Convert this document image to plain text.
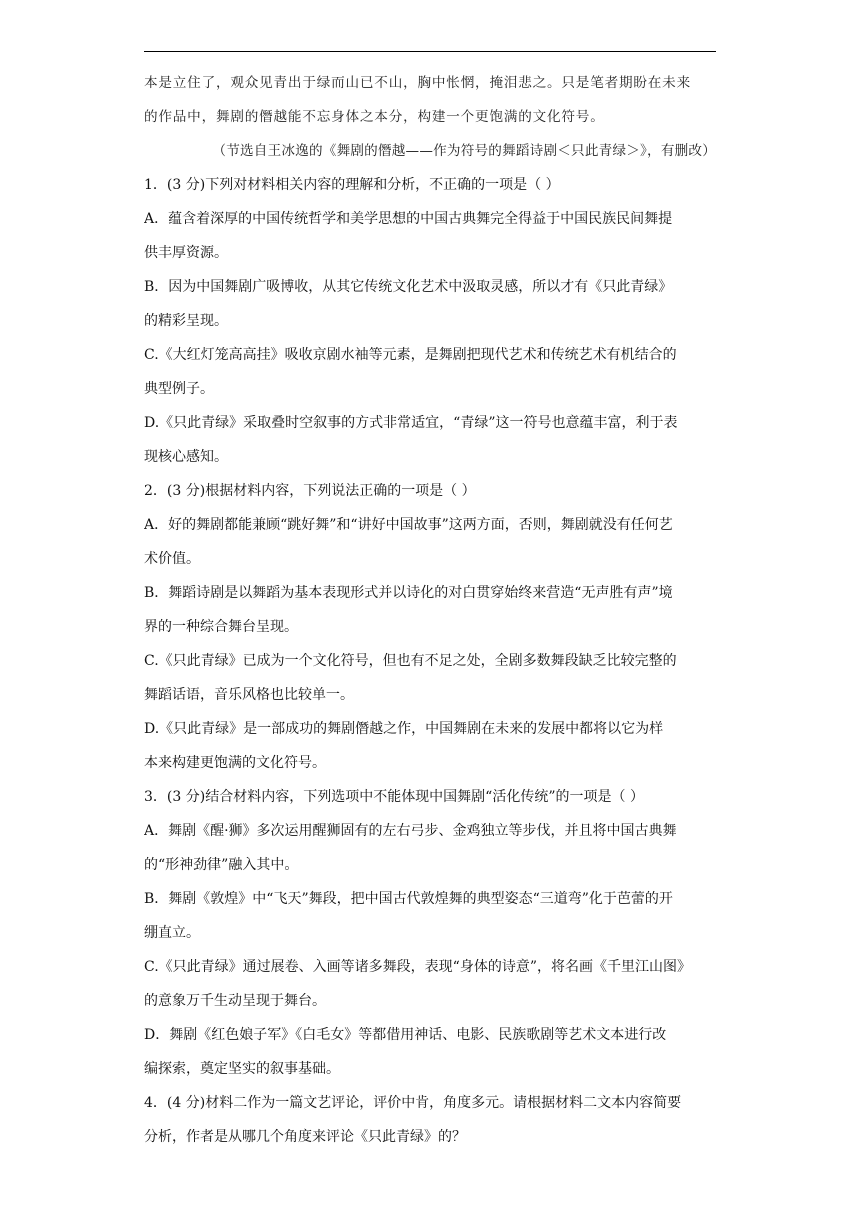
本是立住了，观众见青出于绿而山已不山，胸中怅惘，掩泪悲之。只是笔者期盼在未来
的作品中，舞剧的僭越能不忘身体之本分，构建一个更饱满的文化符号。
（节选自王冰逸的《舞剧的僭越——作为符号的舞蹈诗剧＜只此青绿＞》，有删改）
1．(3 分)下列对材料相关内容的理解和分析，不正确的一项是（ ）
A．蕴含着深厚的中国传统哲学和美学思想的中国古典舞完全得益于中国民族民间舞提
供丰厚资源。
B．因为中国舞剧广吸博收，从其它传统文化艺术中汲取灵感，所以才有《只此青绿》
的精彩呈现。
C.《大红灯笼高高挂》吸收京剧水袖等元素，是舞剧把现代艺术和传统艺术有机结合的
典型例子。
D.《只此青绿》采取叠时空叙事的方式非常适宜，“青绿”这一符号也意蕴丰富，利于表
现核心感知。
2．(3 分)根据材料内容，下列说法正确的一项是（ ）
A．好的舞剧都能兼顾“跳好舞”和“讲好中国故事”这两方面，否则，舞剧就没有任何艺
术价值。
B．舞蹈诗剧是以舞蹈为基本表现形式并以诗化的对白贯穿始终来营造“无声胜有声”境
界的一种综合舞台呈现。
C.《只此青绿》已成为一个文化符号，但也有不足之处，全剧多数舞段缺乏比较完整的
舞蹈话语，音乐风格也比较单一。
D.《只此青绿》是一部成功的舞剧僭越之作，中国舞剧在未来的发展中都将以它为样
本来构建更饱满的文化符号。
3．(3 分)结合材料内容，下列选项中不能体现中国舞剧“活化传统”的一项是（ ）
A．舞剧《醒·狮》多次运用醒狮固有的左右弓步、金鸡独立等步伐，并且将中国古典舞
的“形神劲律”融入其中。
B．舞剧《敦煌》中“飞天”舞段，把中国古代敦煌舞的典型姿态“三道弯”化于芭蕾的开
绷直立。
C.《只此青绿》通过展卷、入画等诸多舞段，表现“身体的诗意”，将名画《千里江山图》
的意象万千生动呈现于舞台。
D．舞剧《红色娘子军》《白毛女》等都借用神话、电影、民族歌剧等艺术文本进行改
编探索，奠定坚实的叙事基础。
4．(4 分)材料二作为一篇文艺评论，评价中肯，角度多元。请根据材料二文本内容简要
分析，作者是从哪几个角度来评论《只此青绿》的？
